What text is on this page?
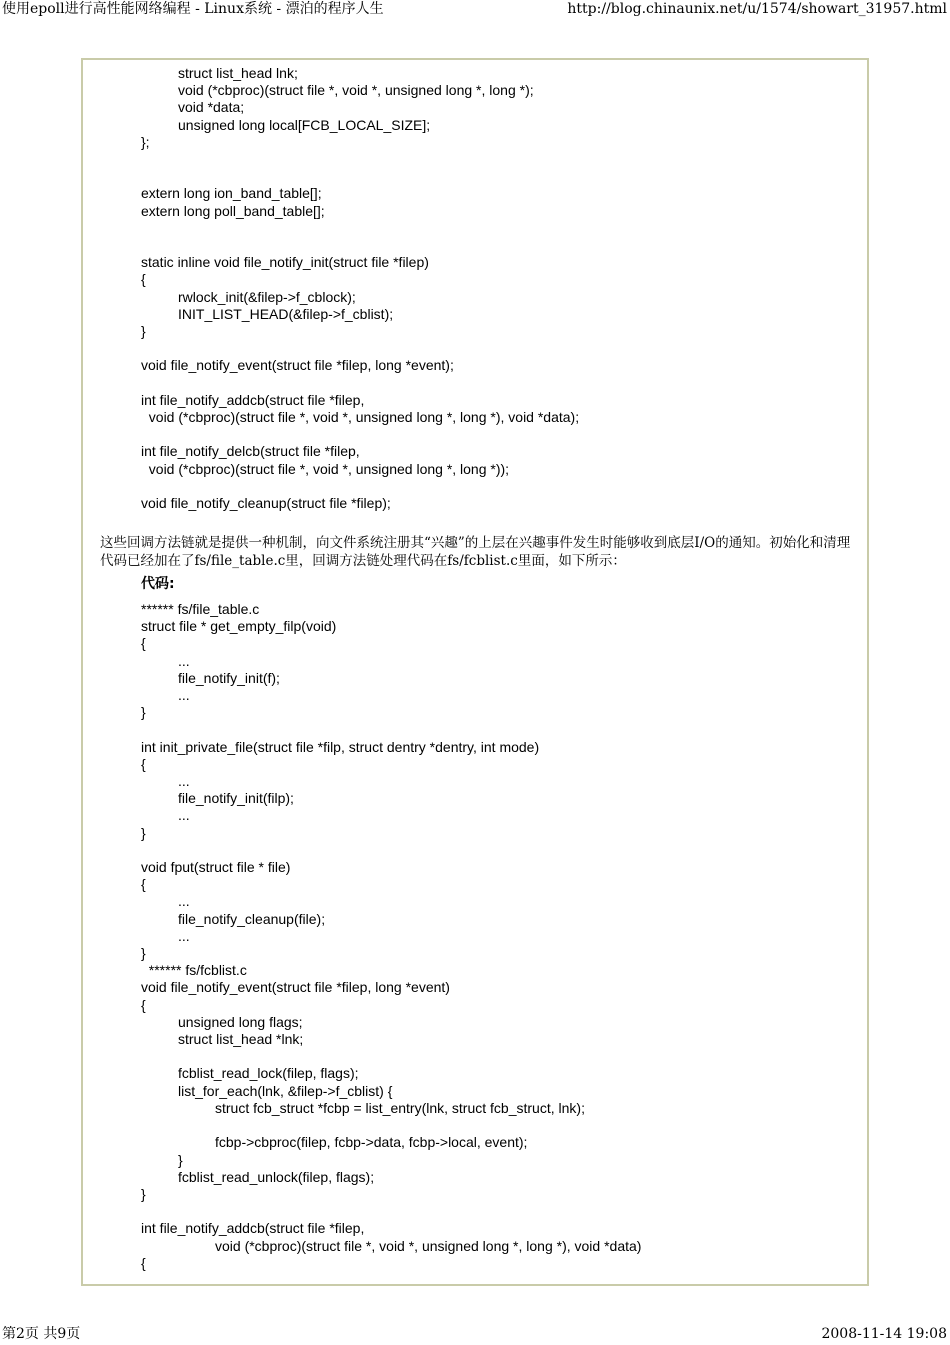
使用epoll进行高性能网络编程 - Linux系统 - 漂泊的程序人生	http://blog.chinaunix.net/u/1574/showart_31957.html
	struct list_head lnk;
	void (*cbproc)(struct file *, void *, unsigned long *, long *);
	void *data;
	unsigned long local[FCB_LOCAL_SIZE];
};

extern long ion_band_table[];
extern long poll_band_table[];

static inline void file_notify_init(struct file *filep)
{
	rwlock_init(&filep->f_cblock);
	INIT_LIST_HEAD(&filep->f_cblist);
}

void file_notify_event(struct file *filep, long *event);

int file_notify_addcb(struct file *filep,
void (*cbproc)(struct file *, void *, unsigned long *, long *), void *data);

int file_notify_delcb(struct file *filep,
void (*cbproc)(struct file *, void *, unsigned long *, long *));

void file_notify_cleanup(struct file *filep);

这些回调方法链就是提供一种机制，向文件系统注册其“兴趣”的上层在兴趣事件发生时能够收到底层I/O的通知。初始化和清理代码已经加在了fs/file_table.c里，回调方法链处理代码在fs/fcblist.c里面，如下所示：

代码:
****** fs/file_table.c
struct file * get_empty_filp(void)
{
	...
	file_notify_init(f);
	...
}

int init_private_file(struct file *filp, struct dentry *dentry, int mode)
{
	...
	file_notify_init(filp);
	...
}

void fput(struct file * file)
{
	...
	file_notify_cleanup(file);
	...
}
****** fs/fcblist.c
void file_notify_event(struct file *filep, long *event)
{
	unsigned long flags;
	struct list_head *lnk;

	fcblist_read_lock(filep, flags);
	list_for_each(lnk, &filep->f_cblist) {
		struct fcb_struct *fcbp = list_entry(lnk, struct fcb_struct, lnk);

		fcbp->cbproc(filep, fcbp->data, fcbp->local, event);
	}
	fcblist_read_unlock(filep, flags);
}

int file_notify_addcb(struct file *filep,
		void (*cbproc)(struct file *, void *, unsigned long *, long *), void *data)
{
第2页 共9页	2008-11-14 19:08
